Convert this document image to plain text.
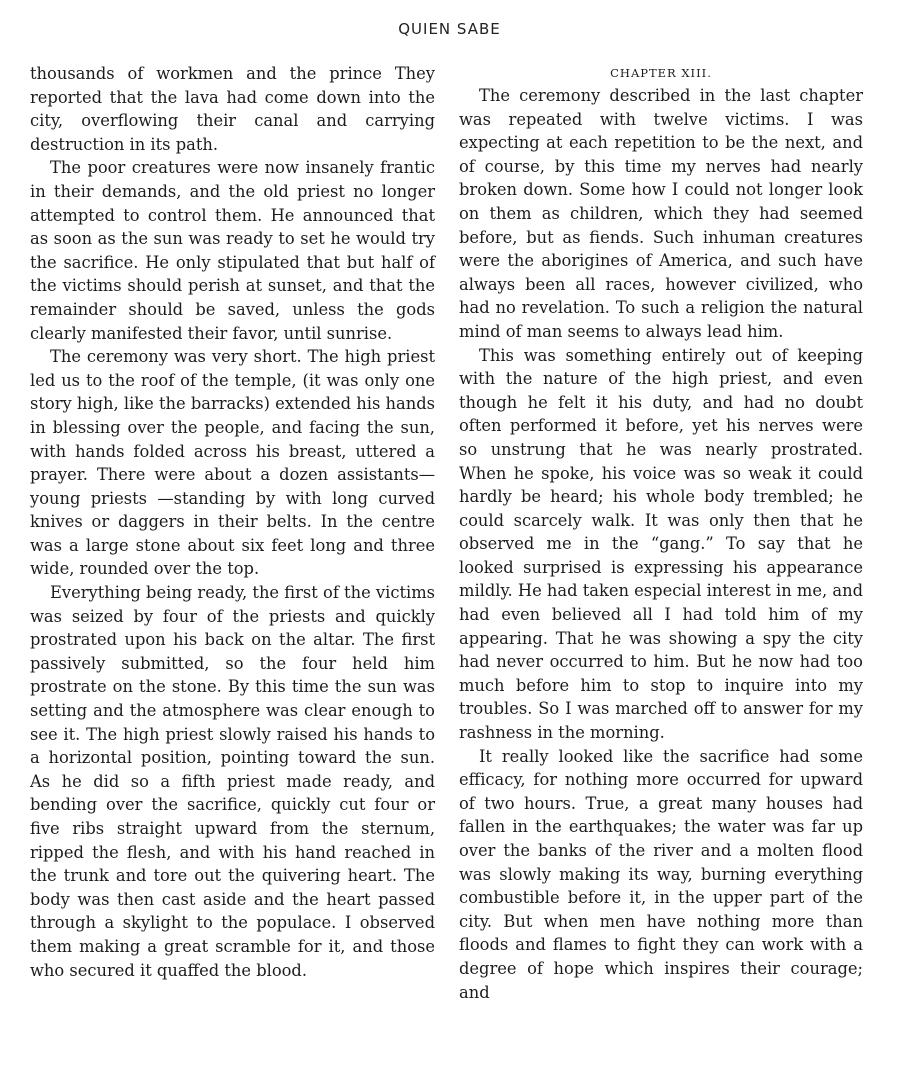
QUIEN SABE

thousands of workmen and the prince They reported that the lava had come down into the city, overflowing their canal and carrying destruction in its path.

The poor creatures were now insanely frantic in their demands, and the old priest no longer attempted to control them. He announced that as soon as the sun was ready to set he would try the sacrifice. He only stipulated that but half of the victims should perish at sunset, and that the remainder should be saved, unless the gods clearly manifested their favor, until sunrise.

The ceremony was very short. The high priest led us to the roof of the temple, (it was only one story high, like the barracks) extended his hands in blessing over the people, and facing the sun, with hands folded across his breast, uttered a prayer. There were about a dozen assistants—young priests —standing by with long curved knives or daggers in their belts. In the centre was a large stone about six feet long and three wide, rounded over the top.

Everything being ready, the first of the victims was seized by four of the priests and quickly prostrated upon his back on the altar. The first passively submitted, so the four held him prostrate on the stone. By this time the sun was setting and the atmosphere was clear enough to see it. The high priest slowly raised his hands to a horizontal position, pointing toward the sun. As he did so a fifth priest made ready, and bending over the sacrifice, quickly cut four or five ribs straight upward from the sternum, ripped the flesh, and with his hand reached in the trunk and tore out the quivering heart. The body was then cast aside and the heart passed through a skylight to the populace. I observed them making a great scramble for it, and those who secured it quaffed the blood.

CHAPTER XIII.

The ceremony described in the last chapter was repeated with twelve victims. I was expecting at each repetition to be the next, and of course, by this time my nerves had nearly broken down. Some how I could not longer look on them as children, which they had seemed before, but as fiends. Such inhuman creatures were the aborigines of America, and such have always been all races, however civilized, who had no revelation. To such a religion the natural mind of man seems to always lead him.

This was something entirely out of keeping with the nature of the high priest, and even though he felt it his duty, and had no doubt often performed it before, yet his nerves were so unstrung that he was nearly prostrated. When he spoke, his voice was so weak it could hardly be heard; his whole body trembled; he could scarcely walk. It was only then that he observed me in the “gang.” To say that he looked surprised is expressing his appearance mildly. He had taken especial interest in me, and had even believed all I had told him of my appearing. That he was showing a spy the city had never occurred to him. But he now had too much before him to stop to inquire into my troubles. So I was marched off to answer for my rashness in the morning.

It really looked like the sacrifice had some efficacy, for nothing more occurred for upward of two hours. True, a great many houses had fallen in the earthquakes; the water was far up over the banks of the river and a molten flood was slowly making its way, burning everything combustible before it, in the upper part of the city. But when men have nothing more than floods and flames to fight they can work with a degree of hope which inspires their courage; and
